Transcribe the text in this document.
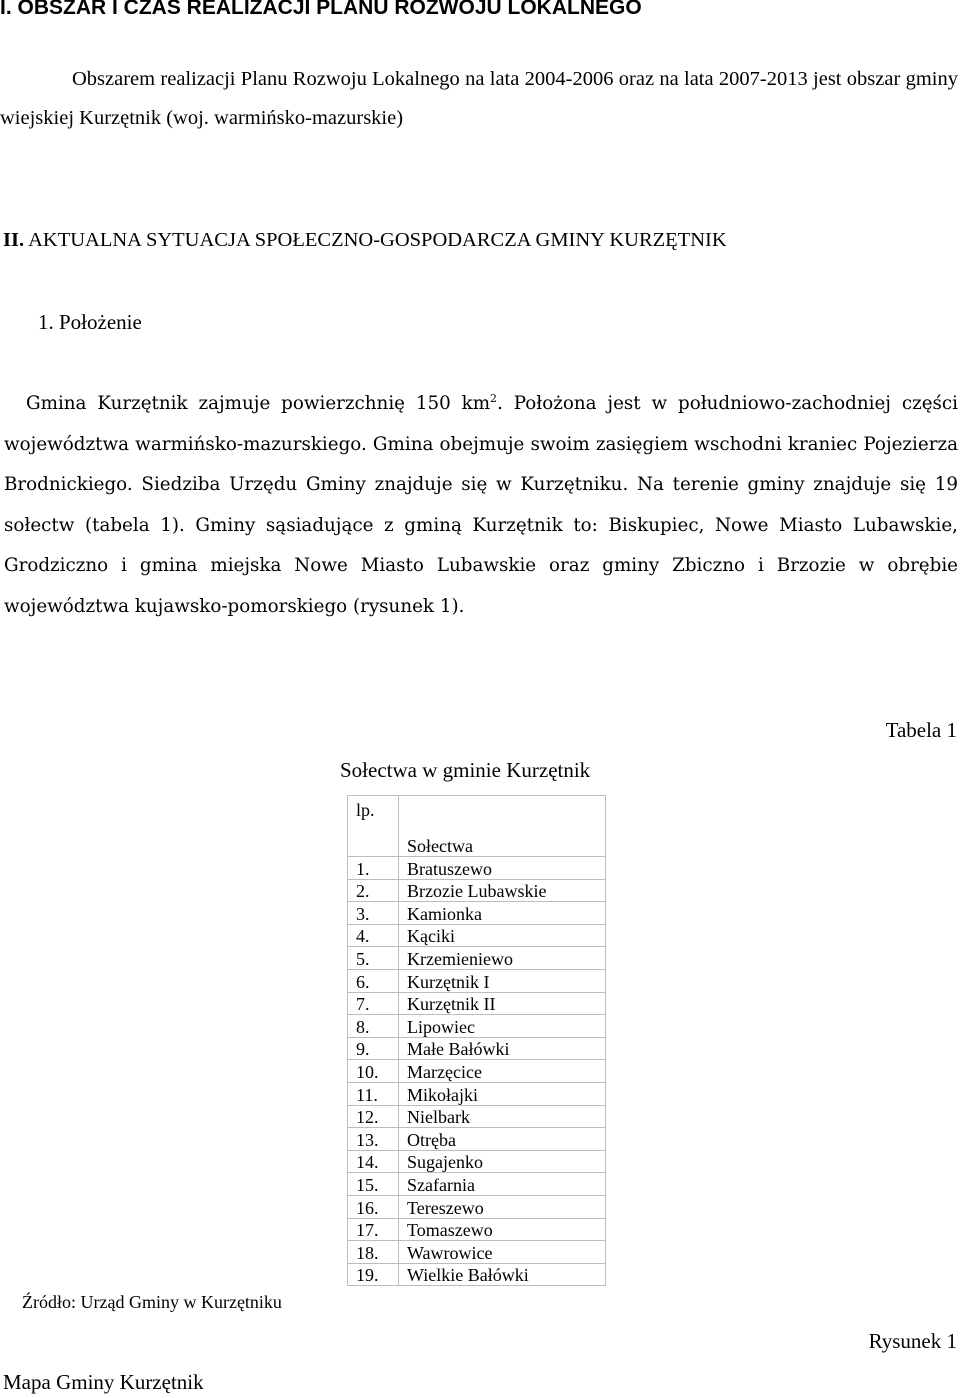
I. OBSZAR I CZAS REALIZACJI PLANU ROZWOJU LOKALNEGO
Obszarem realizacji Planu Rozwoju Lokalnego na lata 2004-2006 oraz na lata 2007-2013 jest obszar gminy wiejskiej Kurzętnik (woj. warmińsko-mazurskie)
II. AKTUALNA SYTUACJA SPOŁECZNO-GOSPODARCZA GMINY KURZĘTNIK
1. Położenie
Gmina Kurzętnik zajmuje powierzchnię 150 $km^2$. Położona jest w południowo-zachodniej części województwa warmińsko-mazurskiego. Gmina obejmuje swoim zasięgiem wschodni kraniec Pojezierza Brodnickiego. Siedziba Urzędu Gminy znajduje się w Kurzętniku. Na terenie gminy znajduje się 19 sołectw (tabela 1). Gminy sąsiadujące z gminą Kurzętnik to: Biskupiec, Nowe Miasto Lubawskie, Grodziczno i gmina miejska Nowe Miasto Lubawskie oraz gminy Zbiczno i Brzozie w obrębie województwa kujawsko-pomorskiego (rysunek 1).
Tabela 1
Sołectwa w gminie Kurzętnik
lp.	Sołectwa
1.	Bratuszewo
2.	Brzozie Lubawskie
3.	Kamionka
4.	Kąciki
5.	Krzemieniewo
6.	Kurzętnik I
7.	Kurzętnik II
8.	Lipowiec
9.	Małe Bałówki
10.	Marzęcice
11.	Mikołajki
12.	Nielbark
13.	Otręba
14.	Sugajenko
15.	Szafarnia
16.	Tereszewo
17.	Tomaszewo
18.	Wawrowice
19.	Wielkie Bałówki
Źródło: Urząd Gminy w Kurzętniku
Rysunek 1
Mapa Gminy Kurzętnik
